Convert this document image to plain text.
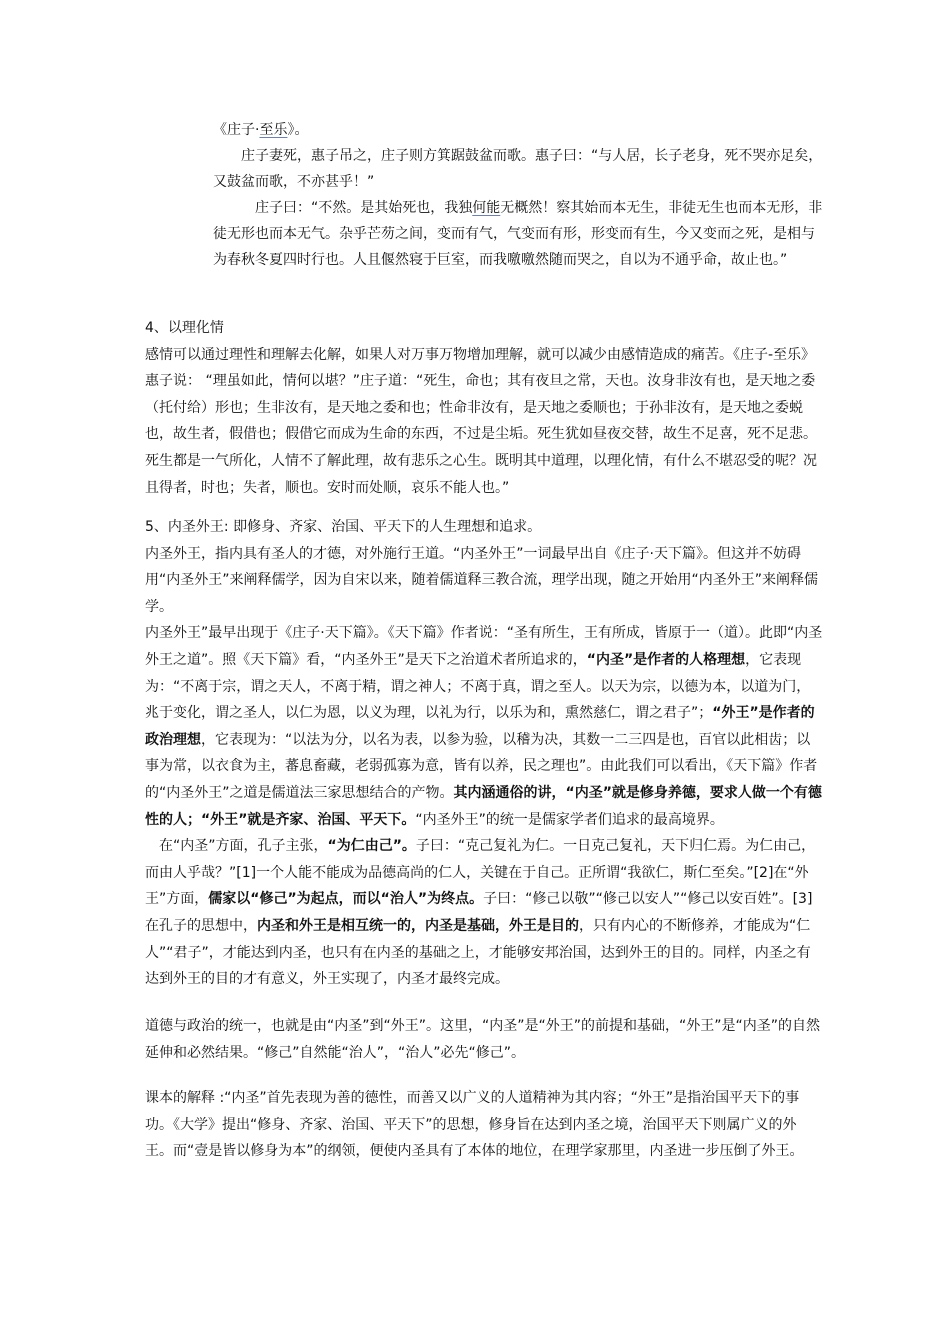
《庄子·至乐》。

庄子妻死，惠子吊之，庄子则方箕踞鼓盆而歌。惠子曰：“与人居，长子老身，死不哭亦足矣，又鼓盆而歌，不亦甚乎！”

庄子曰：“不然。是其始死也，我独何能无概然！察其始而本无生，非徒无生也而本无形，非徒无形也而本无气。杂乎芒芴之间，变而有气，气变而有形，形变而有生，今又变而之死，是相与为春秋冬夏四时行也。人且偃然寝于巨室，而我噭噭然随而哭之，自以为不通乎命，故止也。”

4、以理化情

感情可以通过理性和理解去化解，如果人对万事万物增加理解，就可以减少由感情造成的痛苦。《庄子-至乐》惠子说： “理虽如此，情何以堪？”庄子道：“死生，命也；其有夜旦之常，天也。汝身非汝有也，是天地之委（托付给）形也；生非汝有，是天地之委和也；性命非汝有，是天地之委顺也；于孙非汝有，是天地之委蜕也，故生者，假借也；假借它而成为生命的东西，不过是尘垢。死生犹如昼夜交替，故生不足喜，死不足悲。死生都是一气所化，人情不了解此理，故有悲乐之心生。既明其中道理，以理化情，有什么不堪忍受的呢？况且得者，时也；失者，顺也。安时而处顺，哀乐不能人也。”

5、内圣外王: 即修身、齐家、治国、平天下的人生理想和追求。

内圣外王，指内具有圣人的才德，对外施行王道。“内圣外王”一词最早出自《庄子·天下篇》。但这并不妨碍用“内圣外王”来阐释儒学，因为自宋以来，随着儒道释三教合流，理学出现，随之开始用“内圣外王”来阐释儒学。

内圣外王”最早出现于《庄子·天下篇》。《天下篇》作者说：“圣有所生，王有所成，皆原于一（道）。此即“内圣外王之道”。照《天下篇》看，“内圣外王”是天下之治道术者所追求的，“内圣”是作者的人格理想，它表现为：“不离于宗，谓之天人，不离于精，谓之神人；不离于真，谓之至人。以天为宗，以德为本，以道为门，兆于变化，谓之圣人，以仁为恩，以义为理，以礼为行，以乐为和，熏然慈仁，谓之君子”；“外王”是作者的政治理想，它表现为：“以法为分，以名为表，以参为验，以稽为决，其数一二三四是也，百官以此相齿；以事为常，以衣食为主，蕃息畜藏，老弱孤寡为意，皆有以养，民之理也”。由此我们可以看出，《天下篇》作者的“内圣外王”之道是儒道法三家思想结合的产物。其内涵通俗的讲，“内圣”就是修身养德，要求人做一个有德性的人；“外王”就是齐家、治国、平天下。“内圣外王”的统一是儒家学者们追求的最高境界。

在“内圣”方面，孔子主张，“为仁由己”。子曰：“克己复礼为仁。一日克己复礼，天下归仁焉。为仁由己，而由人乎哉？”[1]一个人能不能成为品德高尚的仁人，关键在于自己。正所谓“我欲仁，斯仁至矣。”[2]在“外王”方面，儒家以“修己”为起点，而以“治人”为终点。子曰：“修己以敬”“修己以安人”“修己以安百姓”。[3]在孔子的思想中，内圣和外王是相互统一的，内圣是基础，外王是目的，只有内心的不断修养，才能成为“仁人”“君子”，才能达到内圣，也只有在内圣的基础之上，才能够安邦治国，达到外王的目的。同样，内圣之有达到外王的目的才有意义，外王实现了，内圣才最终完成。

道德与政治的统一，也就是由“内圣”到“外王”。这里，“内圣”是“外王”的前提和基础，“外王”是“内圣”的自然延伸和必然结果。“修己”自然能“治人”，“治人”必先“修己”。

课本的解释 :“内圣”首先表现为善的德性，而善又以广义的人道精神为其内容；“外王”是指治国平天下的事功。《大学》提出“修身、齐家、治国、平天下”的思想，修身旨在达到内圣之境，治国平天下则属广义的外王。而“壹是皆以修身为本”的纲领，便使内圣具有了本体的地位，在理学家那里，内圣进一步压倒了外王。
